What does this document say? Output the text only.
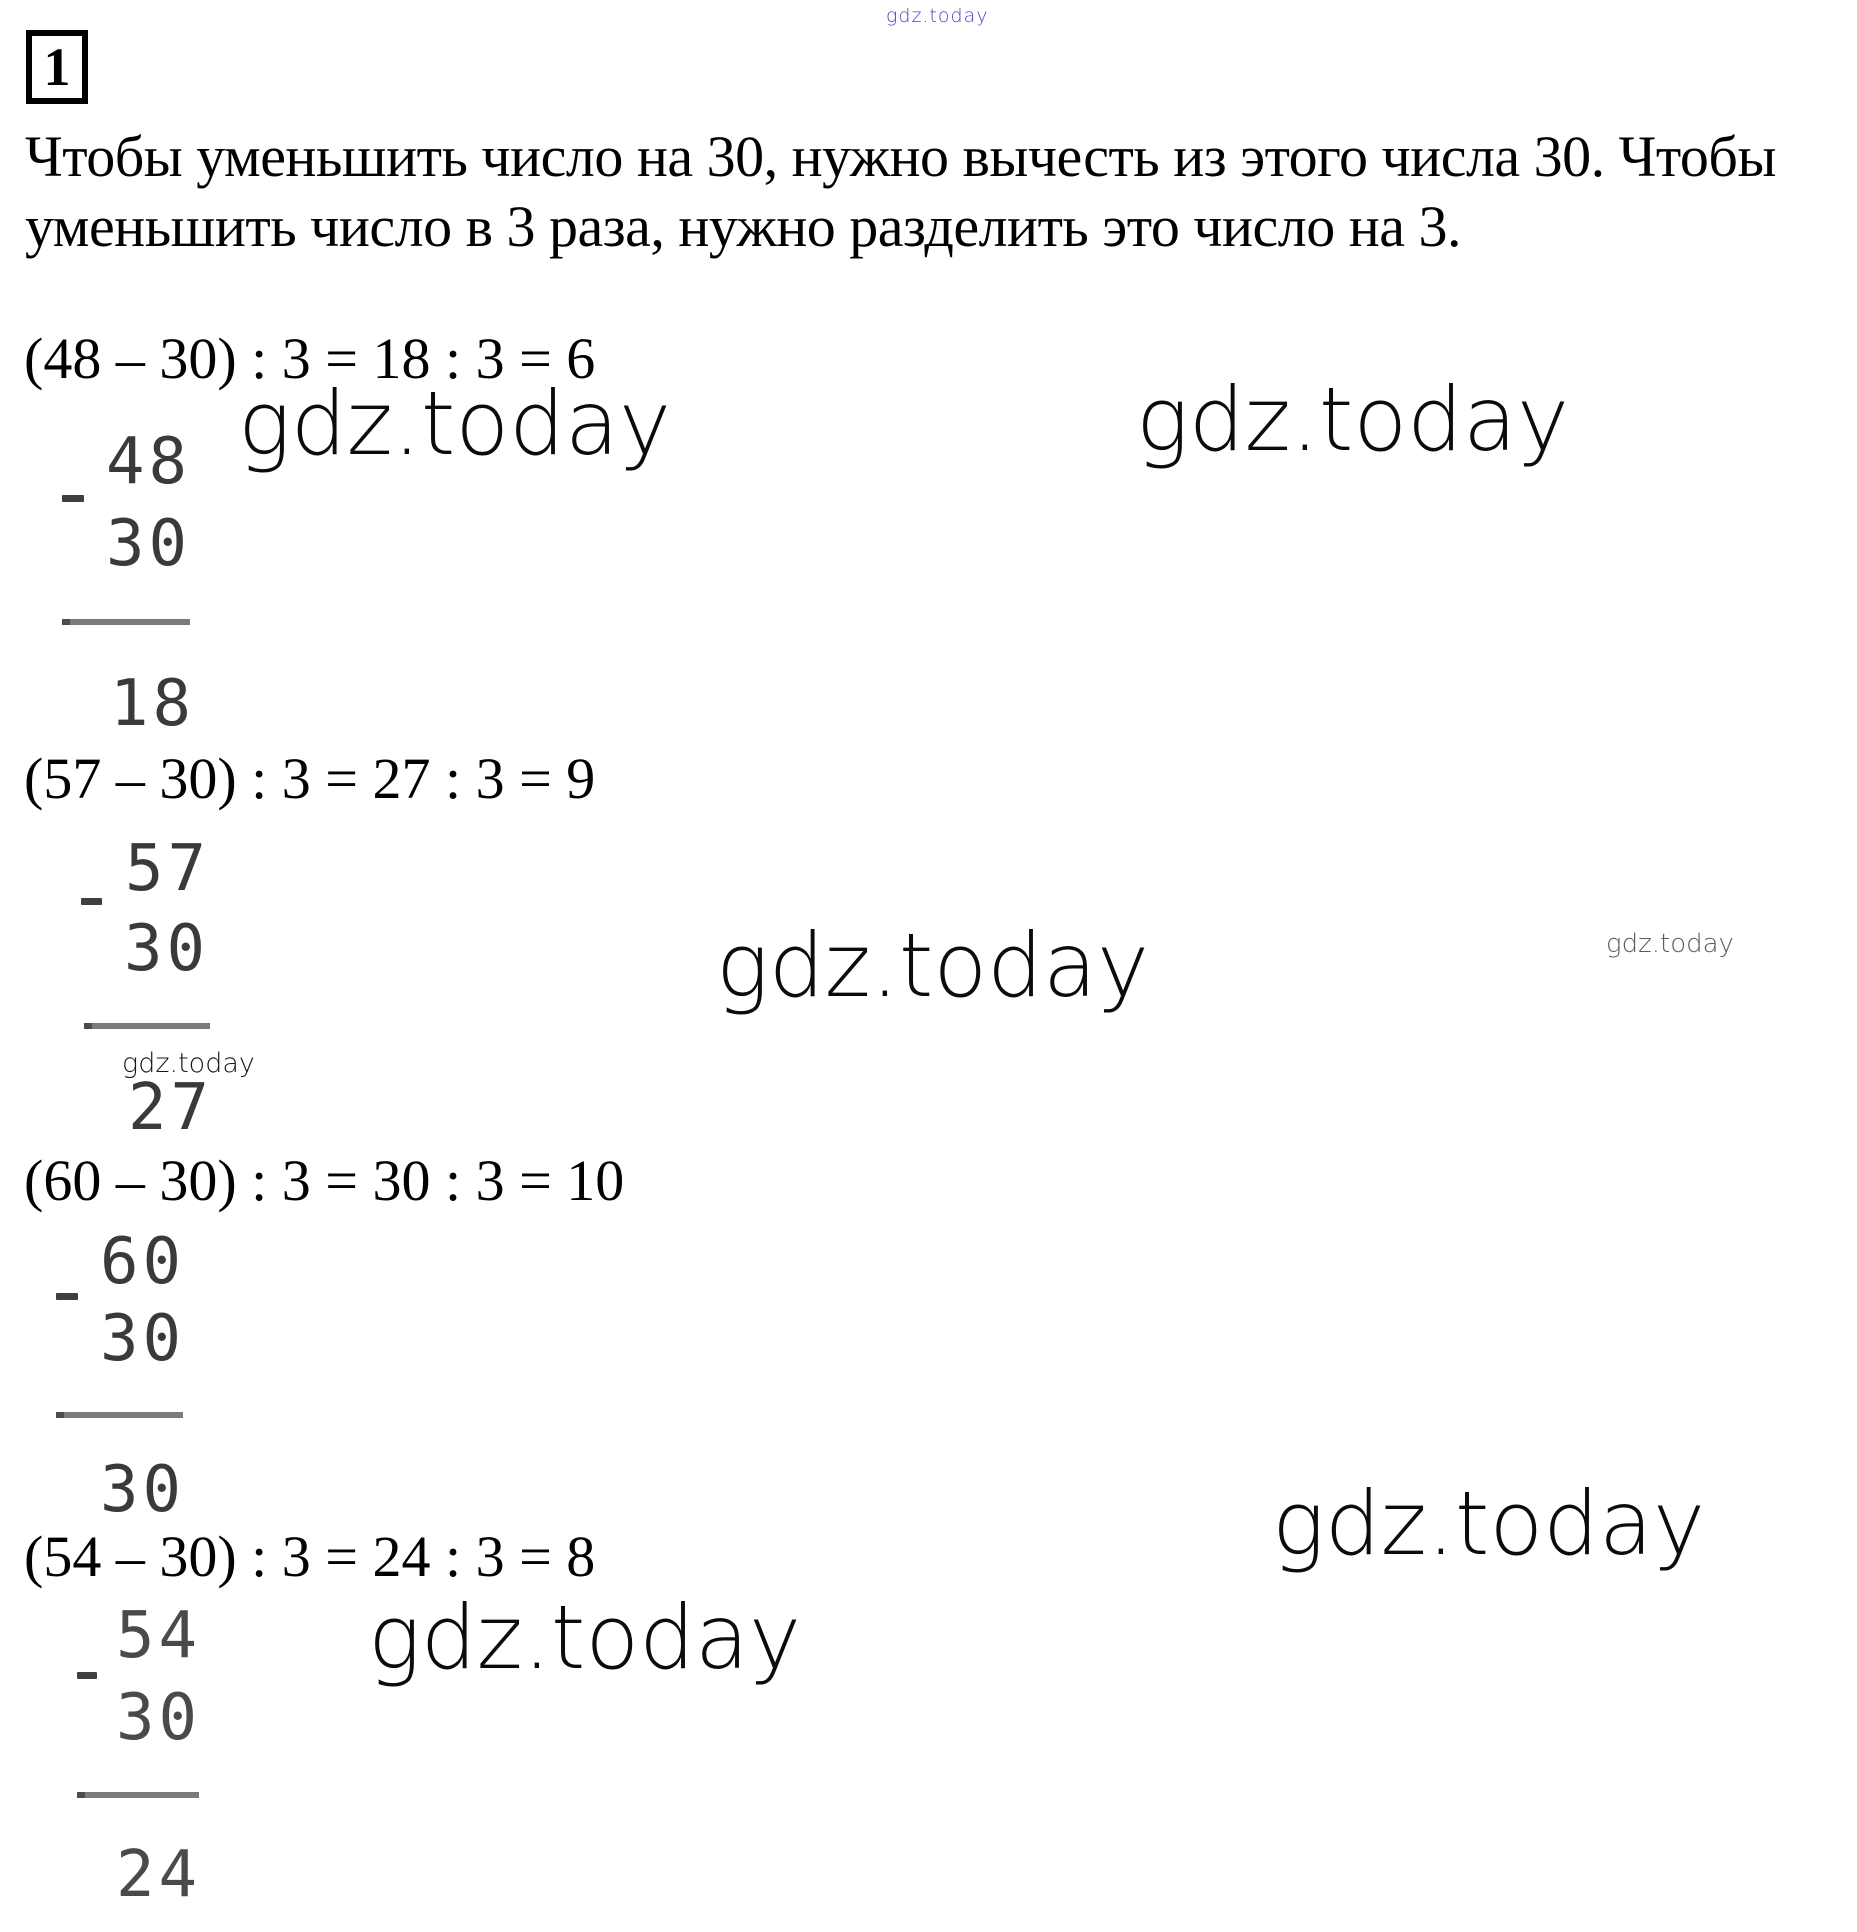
gdz.today
1

Чтобы уменьшить число на 30, нужно вычесть из этого числа 30. Чтобы уменьшить число в 3 раза, нужно разделить это число на 3.

(48 – 30) : 3 = 18 : 3 = 6
48
30
18
gdz.today	gdz.today
(57 – 30) : 3 = 27 : 3 = 9
57
30
gdz.today
27
gdz.today	gdz.today
(60 – 30) : 3 = 30 : 3 = 10
60
30
30
(54 – 30) : 3 = 24 : 3 = 8
54
30
24
gdz.today
gdz.today
